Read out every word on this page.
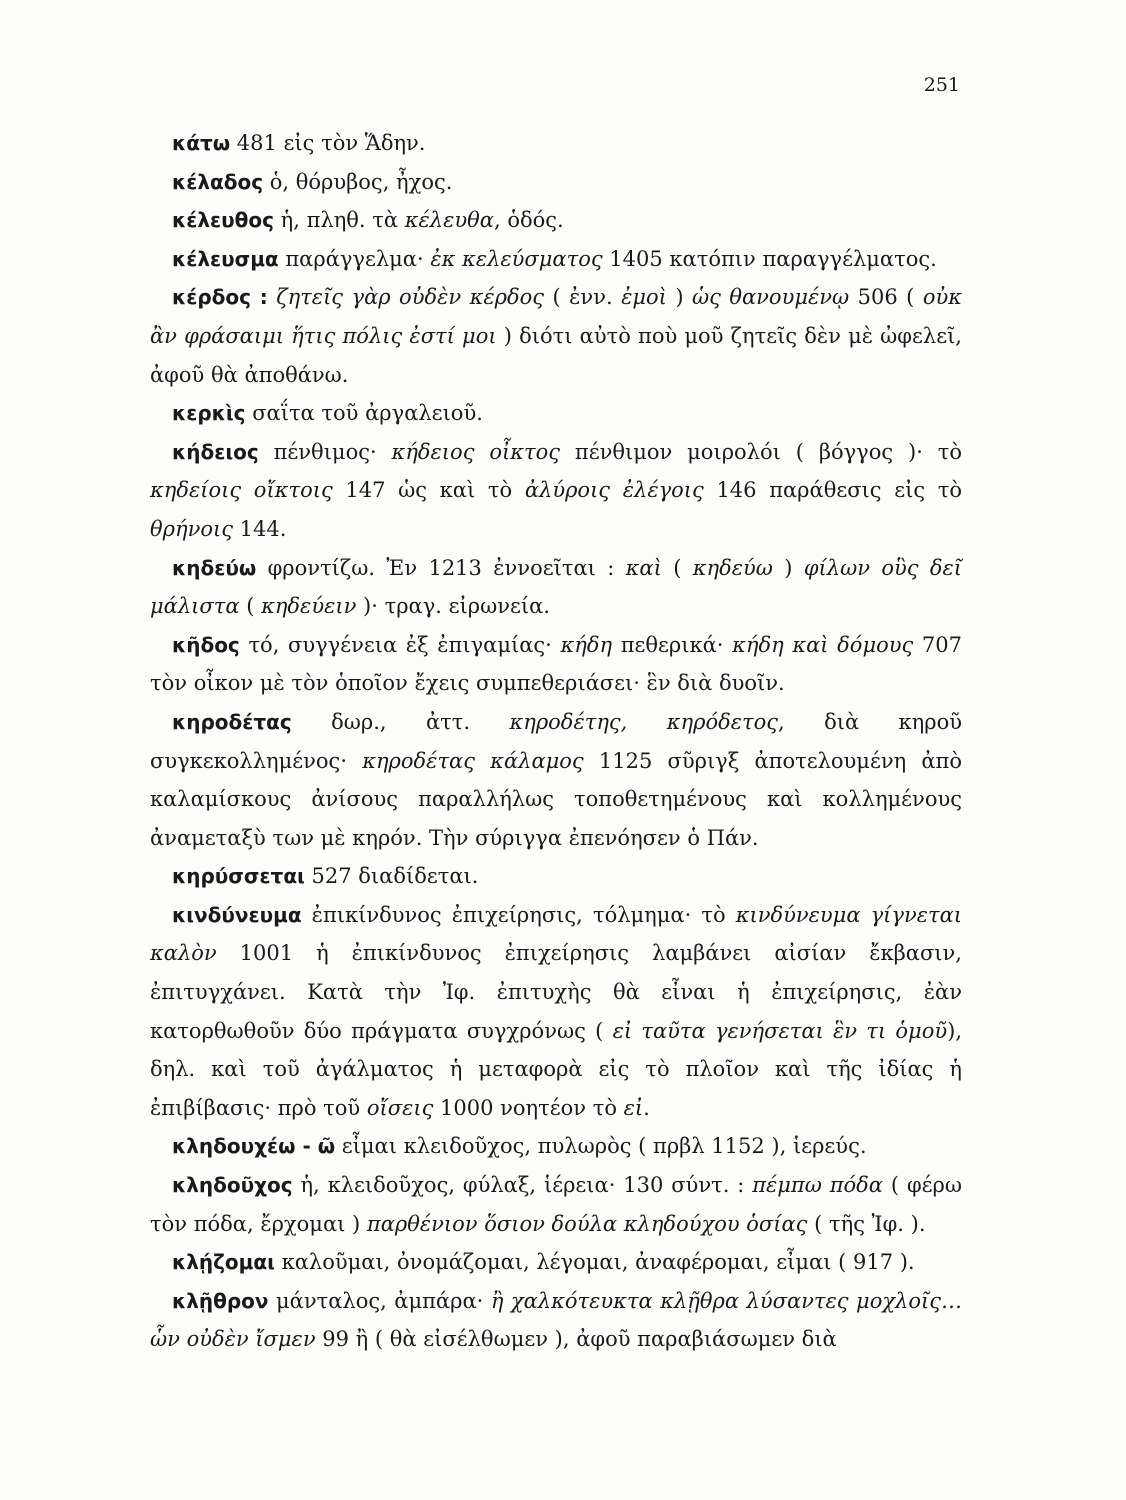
251

κάτω 481 εἰς τὸν Ἅδην.

κέλαδος ὁ, θόρυβος, ἦχος.

κέλευθος ἡ, πληθ. τὰ κέλευθα, ὁδός.

κέλευσμα παράγγελμα· ἐκ κελεύσματος 1405 κατόπιν παραγγέλματος.

κέρδος : ζητεῖς γὰρ οὐδὲν κέρδος ( ἐνν. ἐμοὶ ) ὡς θανουμένῳ 506 ( οὐκ ἂν φράσαιμι ἥτις πόλις ἐστί μοι ) διότι αὐτὸ ποὺ μοῦ ζητεῖς δὲν μὲ ὠφελεῖ, ἀφοῦ θὰ ἀποθάνω.

κερκὶς σαΐτα τοῦ ἀργαλειοῦ.

κήδειος πένθιμος· κήδειος οἶκτος πένθιμον μοιρολόι ( βόγγος )· τὸ κηδείοις οἴκτοις 147 ὡς καὶ τὸ ἀλύροις ἐλέγοις 146 παράθεσις εἰς τὸ θρήνοις 144.

κηδεύω φροντίζω. Ἐν 1213 ἐννοεῖται : καὶ ( κηδεύω ) φίλων οὓς δεῖ μάλιστα ( κηδεύειν )· τραγ. εἰρωνεία.

κῆδος τό, συγγένεια ἐξ ἐπιγαμίας· κήδη πεθερικά· κήδη καὶ δόμους 707 τὸν οἶκον μὲ τὸν ὁποῖον ἔχεις συμπεθεριάσει· ἓν διὰ δυοῖν.

κηροδέτας δωρ., ἀττ. κηροδέτης, κηρόδετος, διὰ κηροῦ συγκεκολλημένος· κηροδέτας κάλαμος 1125 σῦριγξ ἀποτελουμένη ἀπὸ καλαμίσκους ἀνίσους παραλλήλως τοποθετημένους καὶ κολλημένους ἀναμεταξὺ των μὲ κηρόν. Τὴν σύριγγα ἐπενόησεν ὁ Πάν.

κηρύσσεται 527 διαδίδεται.

κινδύνευμα ἐπικίνδυνος ἐπιχείρησις, τόλμημα· τὸ κινδύνευμα γίγνεται καλὸν 1001 ἡ ἐπικίνδυνος ἐπιχείρησις λαμβάνει αἰσίαν ἔκβασιν, ἐπιτυγχάνει. Κατὰ τὴν Ἰφ. ἐπιτυχὴς θὰ εἶναι ἡ ἐπιχείρησις, ἐὰν κατορθωθοῦν δύο πράγματα συγχρόνως ( εἰ ταῦτα γενήσεται ἓν τι ὁμοῦ), δηλ. καὶ τοῦ ἀγάλματος ἡ μεταφορὰ εἰς τὸ πλοῖον καὶ τῆς ἰδίας ἡ ἐπιβίβασις· πρὸ τοῦ οἴσεις 1000 νοητέον τὸ εἰ.

κληδουχέω - ῶ εἶμαι κλειδοῦχος, πυλωρὸς ( πρβλ 1152 ), ἱερεύς.

κληδοῦχος ἡ, κλειδοῦχος, φύλαξ, ἱέρεια· 130 σύντ. : πέμπω πόδα ( φέρω τὸν πόδα, ἔρχομαι ) παρθένιον ὅσιον δούλα κληδούχου ὁσίας ( τῆς Ἰφ. ).

κλῄζομαι καλοῦμαι, ὀνομάζομαι, λέγομαι, ἀναφέρομαι, εἶμαι ( 917 ).

κλῇθρον μάνταλος, ἀμπάρα· ἢ χαλκότευκτα κλῇθρα λύσαντες μοχλοῖς… ὧν οὐδὲν ἴσμεν 99 ἢ ( θὰ εἰσέλθωμεν ), ἀφοῦ παραβιάσωμεν διὰ
